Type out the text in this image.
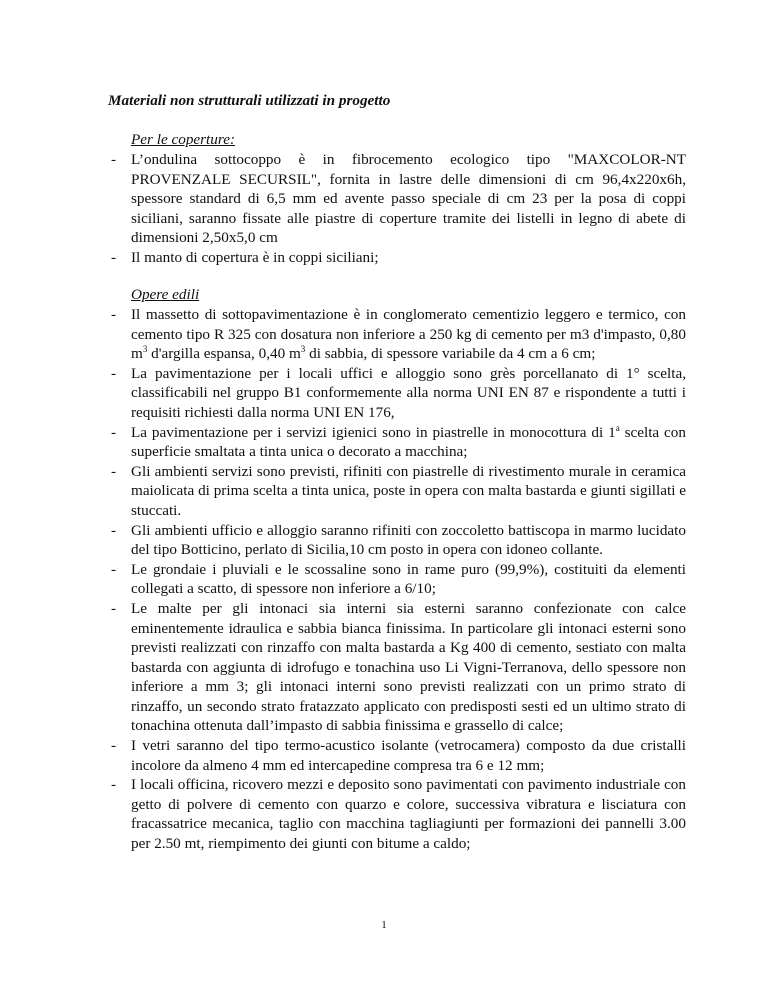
Materiali non strutturali utilizzati in progetto
Per le coperture:
- L’ondulina sottocoppo è in fibrocemento ecologico tipo "MAXCOLOR-NT PROVENZALE SECURSIL", fornita in lastre delle dimensioni di cm 96,4x220x6h, spessore standard di 6,5 mm ed avente passo speciale di cm 23 per la posa di coppi siciliani, saranno fissate alle piastre di coperture tramite dei listelli in legno di abete di dimensioni 2,50x5,0 cm
- Il manto di copertura è in coppi siciliani;
Opere edili
- Il massetto di sottopavimentazione è in conglomerato cementizio leggero e termico, con cemento tipo R 325 con dosatura non inferiore a 250 kg di cemento per m3 d'impasto, 0,80 $m^3$ d'argilla espansa, 0,40 $m^3$ di sabbia, di spessore variabile da 4 cm a 6 cm;
- La pavimentazione per i locali uffici e alloggio sono grès porcellanato di 1° scelta, classificabili nel gruppo B1 conformemente alla norma UNI EN 87 e rispondente a tutti i requisiti richiesti dalla norma UNI EN 176,
- La pavimentazione per i servizi igienici sono in piastrelle in monocottura di 1$^a$ scelta con superficie smaltata a tinta unica o decorato a macchina;
- Gli ambienti servizi sono previsti, rifiniti con piastrelle di rivestimento murale in ceramica maiolicata di prima scelta a tinta unica, poste in opera con malta bastarda e giunti sigillati e stuccati.
- Gli ambienti ufficio e alloggio saranno rifiniti con zoccoletto battiscopa in marmo lucidato del tipo Botticino, perlato di Sicilia,10 cm posto in opera con idoneo collante.
- Le grondaie i pluviali e le scossaline sono in rame puro (99,9%), costituiti da elementi collegati a scatto, di spessore non inferiore a 6/10;
- Le malte per gli intonaci sia interni sia esterni saranno confezionate con calce eminentemente idraulica e sabbia bianca finissima. In particolare gli intonaci esterni sono previsti realizzati con rinzaffo con malta bastarda a Kg 400 di cemento, sestiato con malta bastarda con aggiunta di idrofugo e tonachina uso Li Vigni-Terranova, dello spessore non inferiore a mm 3; gli intonaci interni sono previsti realizzati con un primo strato di rinzaffo, un secondo strato fratazzato applicato con predisposti sesti ed un ultimo strato di tonachina ottenuta dall’impasto di sabbia finissima e grassello di calce;
- I vetri saranno del tipo termo-acustico isolante (vetrocamera) composto da due cristalli incolore da almeno 4 mm ed intercapedine compresa tra 6 e 12 mm;
- I locali officina, ricovero mezzi e deposito sono pavimentati con pavimento industriale con getto di polvere di cemento con quarzo e colore, successiva vibratura e lisciatura con fracassatrice mecanica, taglio con macchina tagliagiunti per formazioni dei pannelli 3.00 per 2.50 mt, riempimento dei giunti con bitume a caldo;
1
